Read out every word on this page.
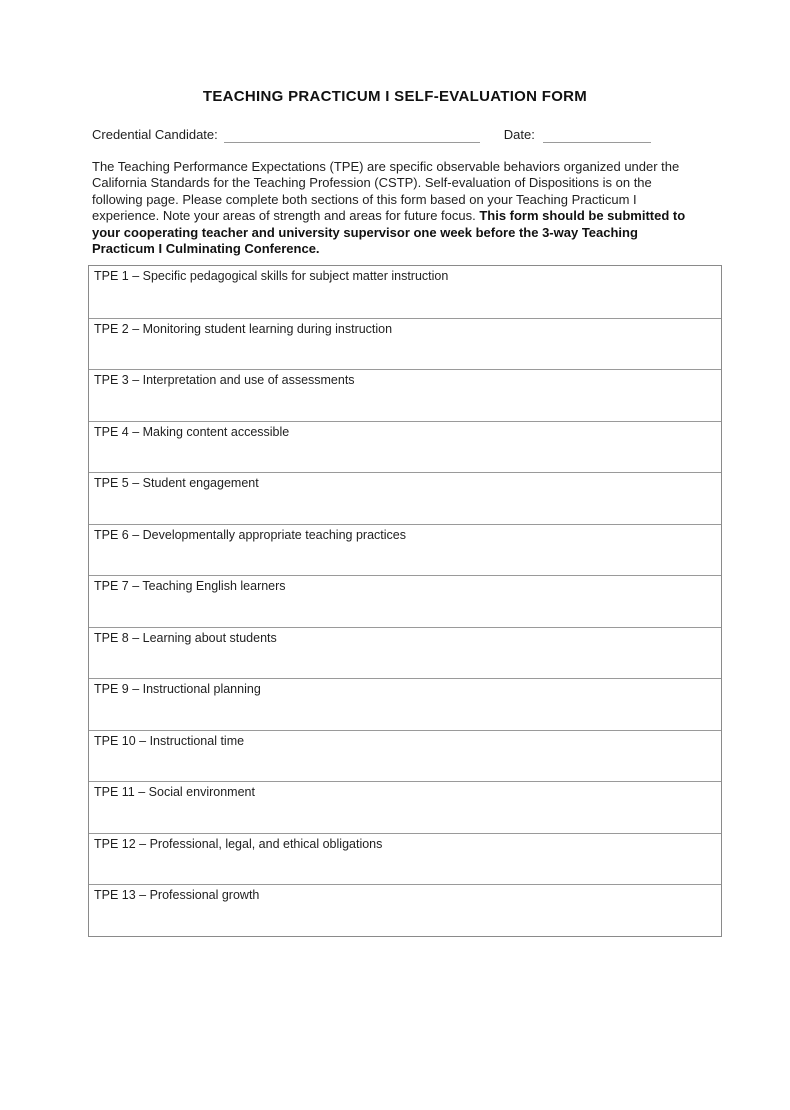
TEACHING PRACTICUM I SELF-EVALUATION FORM
Credential Candidate:	Date:
The Teaching Performance Expectations (TPE) are specific observable behaviors organized under the California Standards for the Teaching Profession (CSTP). Self-evaluation of Dispositions is on the following page. Please complete both sections of this form based on your Teaching Practicum I experience. Note your areas of strength and areas for future focus. This form should be submitted to your cooperating teacher and university supervisor one week before the 3-way Teaching Practicum I Culminating Conference.
TPE 1 – Specific pedagogical skills for subject matter instruction
TPE 2 – Monitoring student learning during instruction
TPE 3 – Interpretation and use of assessments
TPE 4 – Making content accessible
TPE 5 – Student engagement
TPE 6 – Developmentally appropriate teaching practices
TPE 7 – Teaching English learners
TPE 8 – Learning about students
TPE 9 – Instructional planning
TPE 10 – Instructional time
TPE 11 – Social environment
TPE 12 – Professional, legal, and ethical obligations
TPE 13 – Professional growth
